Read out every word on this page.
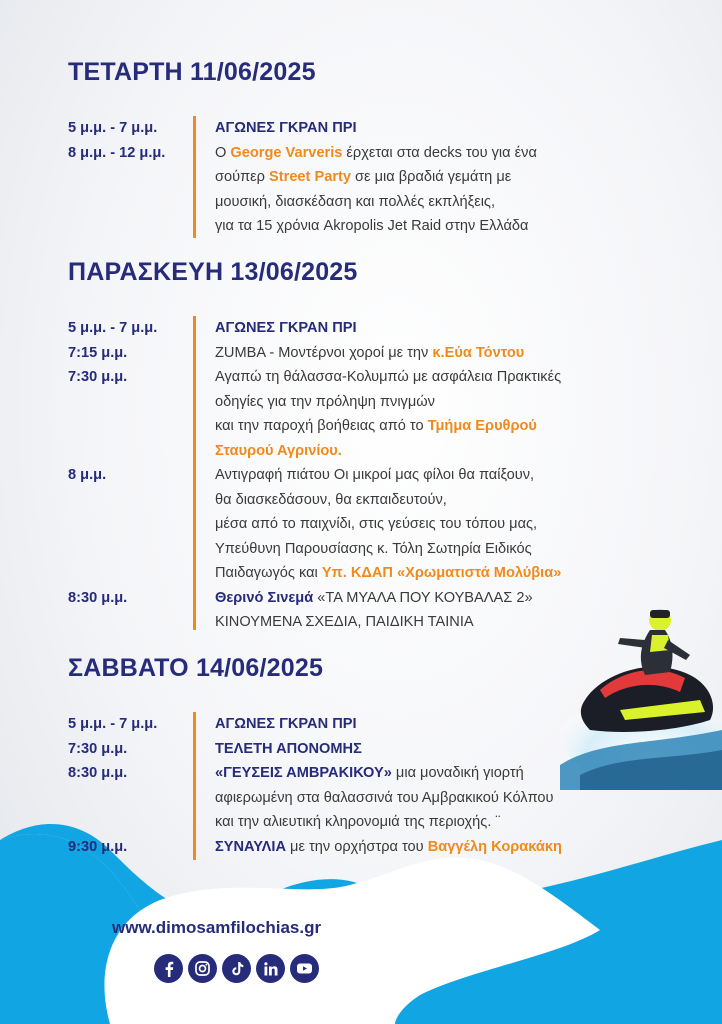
ΤΕΤΑΡΤΗ 11/06/2025
5 μ.μ. - 7 μ.μ.	ΑΓΩΝΕΣ ΓΚΡΑΝ ΠΡΙ
8 μ.μ. - 12 μ.μ.	Ο George Varveris έρχεται στα decks του για ένα
σούπερ Street Party σε μια βραδιά γεμάτη με
μουσική, διασκέδαση και πολλές εκπλήξεις,
για τα 15 χρόνια Akropolis Jet Raid στην Ελλάδα
ΠΑΡΑΣΚΕΥΗ 13/06/2025
5 μ.μ. - 7 μ.μ.	ΑΓΩΝΕΣ ΓΚΡΑΝ ΠΡΙ
7:15 μ.μ.	ZUMBA - Μοντέρνοι χοροί με την κ.Εύα Τόντου
7:30 μ.μ.	Αγαπώ τη θάλασσα-Κολυμπώ με ασφάλεια Πρακτικές
οδηγίες για την πρόληψη πνιγμών
και την παροχή βοήθειας από το Τμήμα Ερυθρού
Σταυρού Αγρινίου.
8 μ.μ.	Αντιγραφή πιάτου Οι μικροί μας φίλοι θα παίξουν,
θα διασκεδάσουν, θα εκπαιδευτούν,
μέσα από το παιχνίδι, στις γεύσεις του τόπου μας,
Υπεύθυνη Παρουσίασης κ. Τόλη Σωτηρία Ειδικός
Παιδαγωγός και Υπ. ΚΔΑΠ «Χρωματιστά Μολύβια»
8:30 μ.μ.	Θερινό Σινεμά «ΤΑ ΜΥΑΛΑ ΠΟΥ ΚΟΥΒΑΛΑΣ 2»
ΚΙΝΟΥΜΕΝΑ ΣΧΕΔΙΑ, ΠΑΙΔΙΚΗ ΤΑΙΝΙΑ
ΣΑΒΒΑΤΟ 14/06/2025
5 μ.μ. - 7 μ.μ.	ΑΓΩΝΕΣ ΓΚΡΑΝ ΠΡΙ
7:30 μ.μ.	ΤΕΛΕΤΗ ΑΠΟΝΟΜΗΣ
8:30 μ.μ.	«ΓΕΥΣΕΙΣ ΑΜΒΡΑΚΙΚΟΥ» μια μοναδική γιορτή
αφιερωμένη στα θαλασσινά του Αμβρακικού Κόλπου
και την αλιευτική κληρονομιά της περιοχής. ¨
9:30 μ.μ.	ΣΥΝΑΥΛΙΑ με την ορχήστρα του Βαγγέλη Κορακάκη

www.dimosamfilochias.gr
